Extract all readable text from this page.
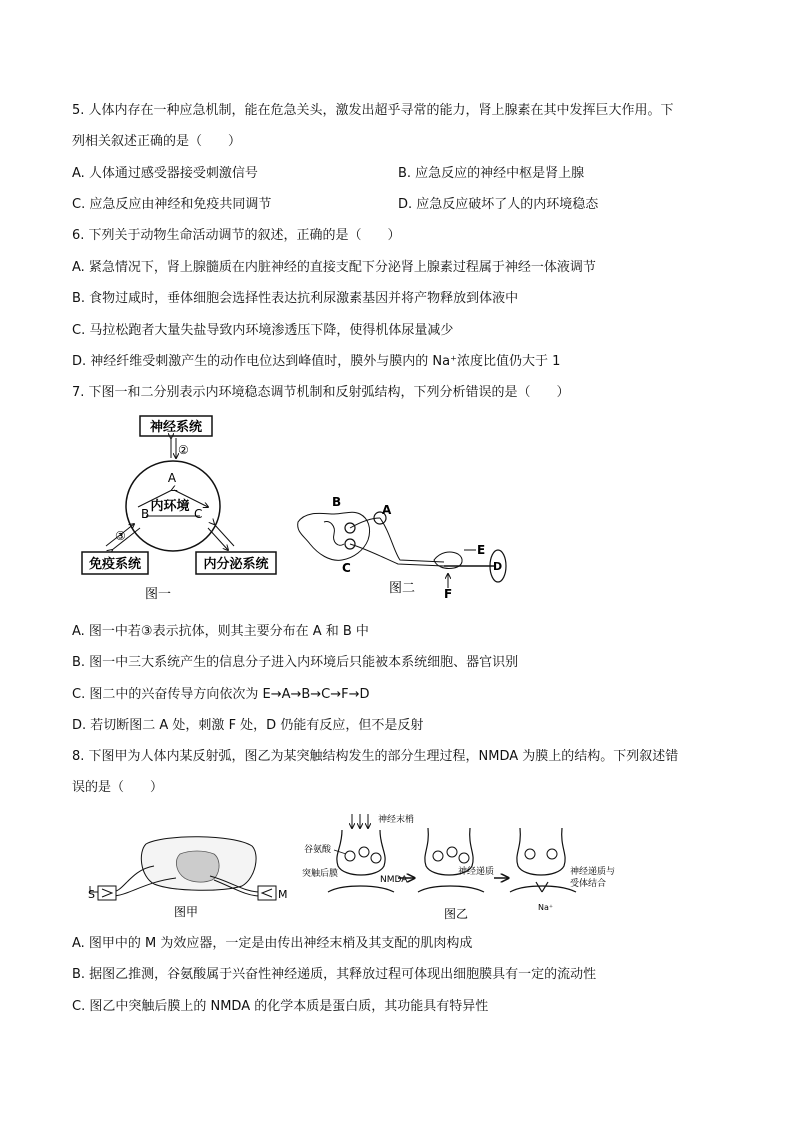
5. 人体内存在一种应急机制，能在危急关头，激发出超乎寻常的能力，肾上腺素在其中发挥巨大作用。下
列相关叙述正确的是（　　）
A. 人体通过感受器接受刺激信号	B. 应急反应的神经中枢是肾上腺
C. 应急反应由神经和免疫共同调节	D. 应急反应破坏了人的内环境稳态
6. 下列关于动物生命活动调节的叙述，正确的是（　　）
A. 紧急情况下，肾上腺髓质在内脏神经的直接支配下分泌肾上腺素过程属于神经一体液调节
B. 食物过咸时，垂体细胞会选择性表达抗利尿激素基因并将产物释放到体液中
C. 马拉松跑者大量失盐导致内环境渗透压下降，使得机体尿量减少
D. 神经纤维受刺激产生的动作电位达到峰值时，膜外与膜内的 Na⁺浓度比值仍大于 1
7. 下图一和二分别表示内环境稳态调节机制和反射弧结构，下列分析错误的是（　　）
神经系统
②
A
B	C
内环境
③
免疫系统	内分泌系统
图一
B
A
C	D
E
F
图二
A. 图一中若③表示抗体，则其主要分布在 A 和 B 中
B. 图一中三大系统产生的信息分子进入内环境后只能被本系统细胞、器官识别
C. 图二中的兴奋传导方向依次为 E→A→B→C→F→D
D. 若切断图二 A 处，刺激 F 处，D 仍能有反应，但不是反射
8. 下图甲为人体内某反射弧，图乙为某突触结构发生的部分生理过程，NMDA 为膜上的结构。下列叙述错
误的是（　　）
S	M
图甲
神经末梢
谷氨酸
突触后膜
NMDA
神经递质
Na⁺
神经递质与
受体结合
图乙
A. 图甲中的 M 为效应器，一定是由传出神经末梢及其支配的肌肉构成
B. 据图乙推测，谷氨酸属于兴奋性神经递质，其释放过程可体现出细胞膜具有一定的流动性
C. 图乙中突触后膜上的 NMDA 的化学本质是蛋白质，其功能具有特异性
